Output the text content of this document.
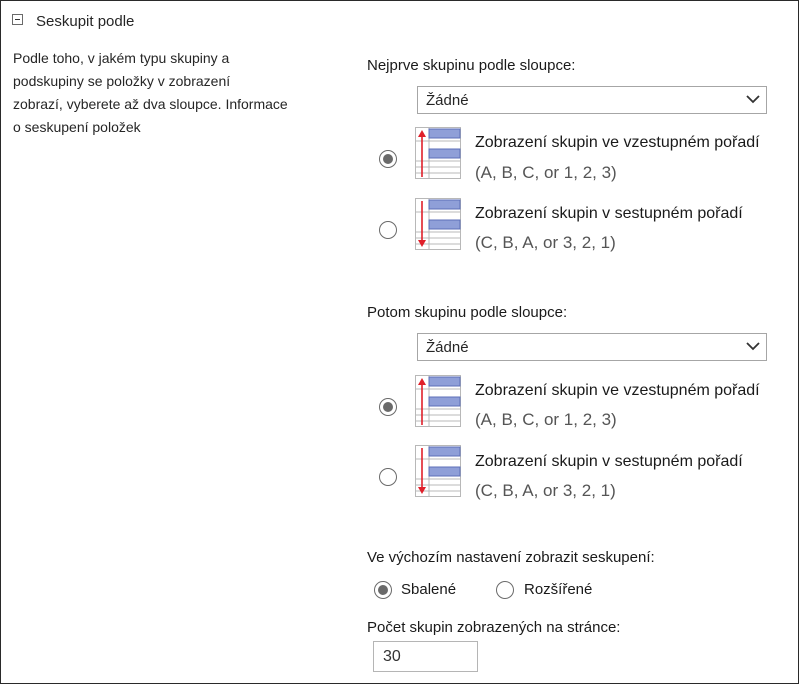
Seskupit podle
Podle toho, v jakém typu skupiny a
podskupiny se položky v zobrazení
zobrazí, vyberete až dva sloupce. Informace
o seskupení položek
Nejprve skupinu podle sloupce:
Žádné
Zobrazení skupin ve vzestupném pořadí
(A, B, C, or 1, 2, 3)
Zobrazení skupin v sestupném pořadí
(C, B, A, or 3, 2, 1)
Potom skupinu podle sloupce:
Žádné
Zobrazení skupin ve vzestupném pořadí
(A, B, C, or 1, 2, 3)
Zobrazení skupin v sestupném pořadí
(C, B, A, or 3, 2, 1)
Ve výchozím nastavení zobrazit seskupení:
Sbalené	Rozšířené
Počet skupin zobrazených na stránce:
30
